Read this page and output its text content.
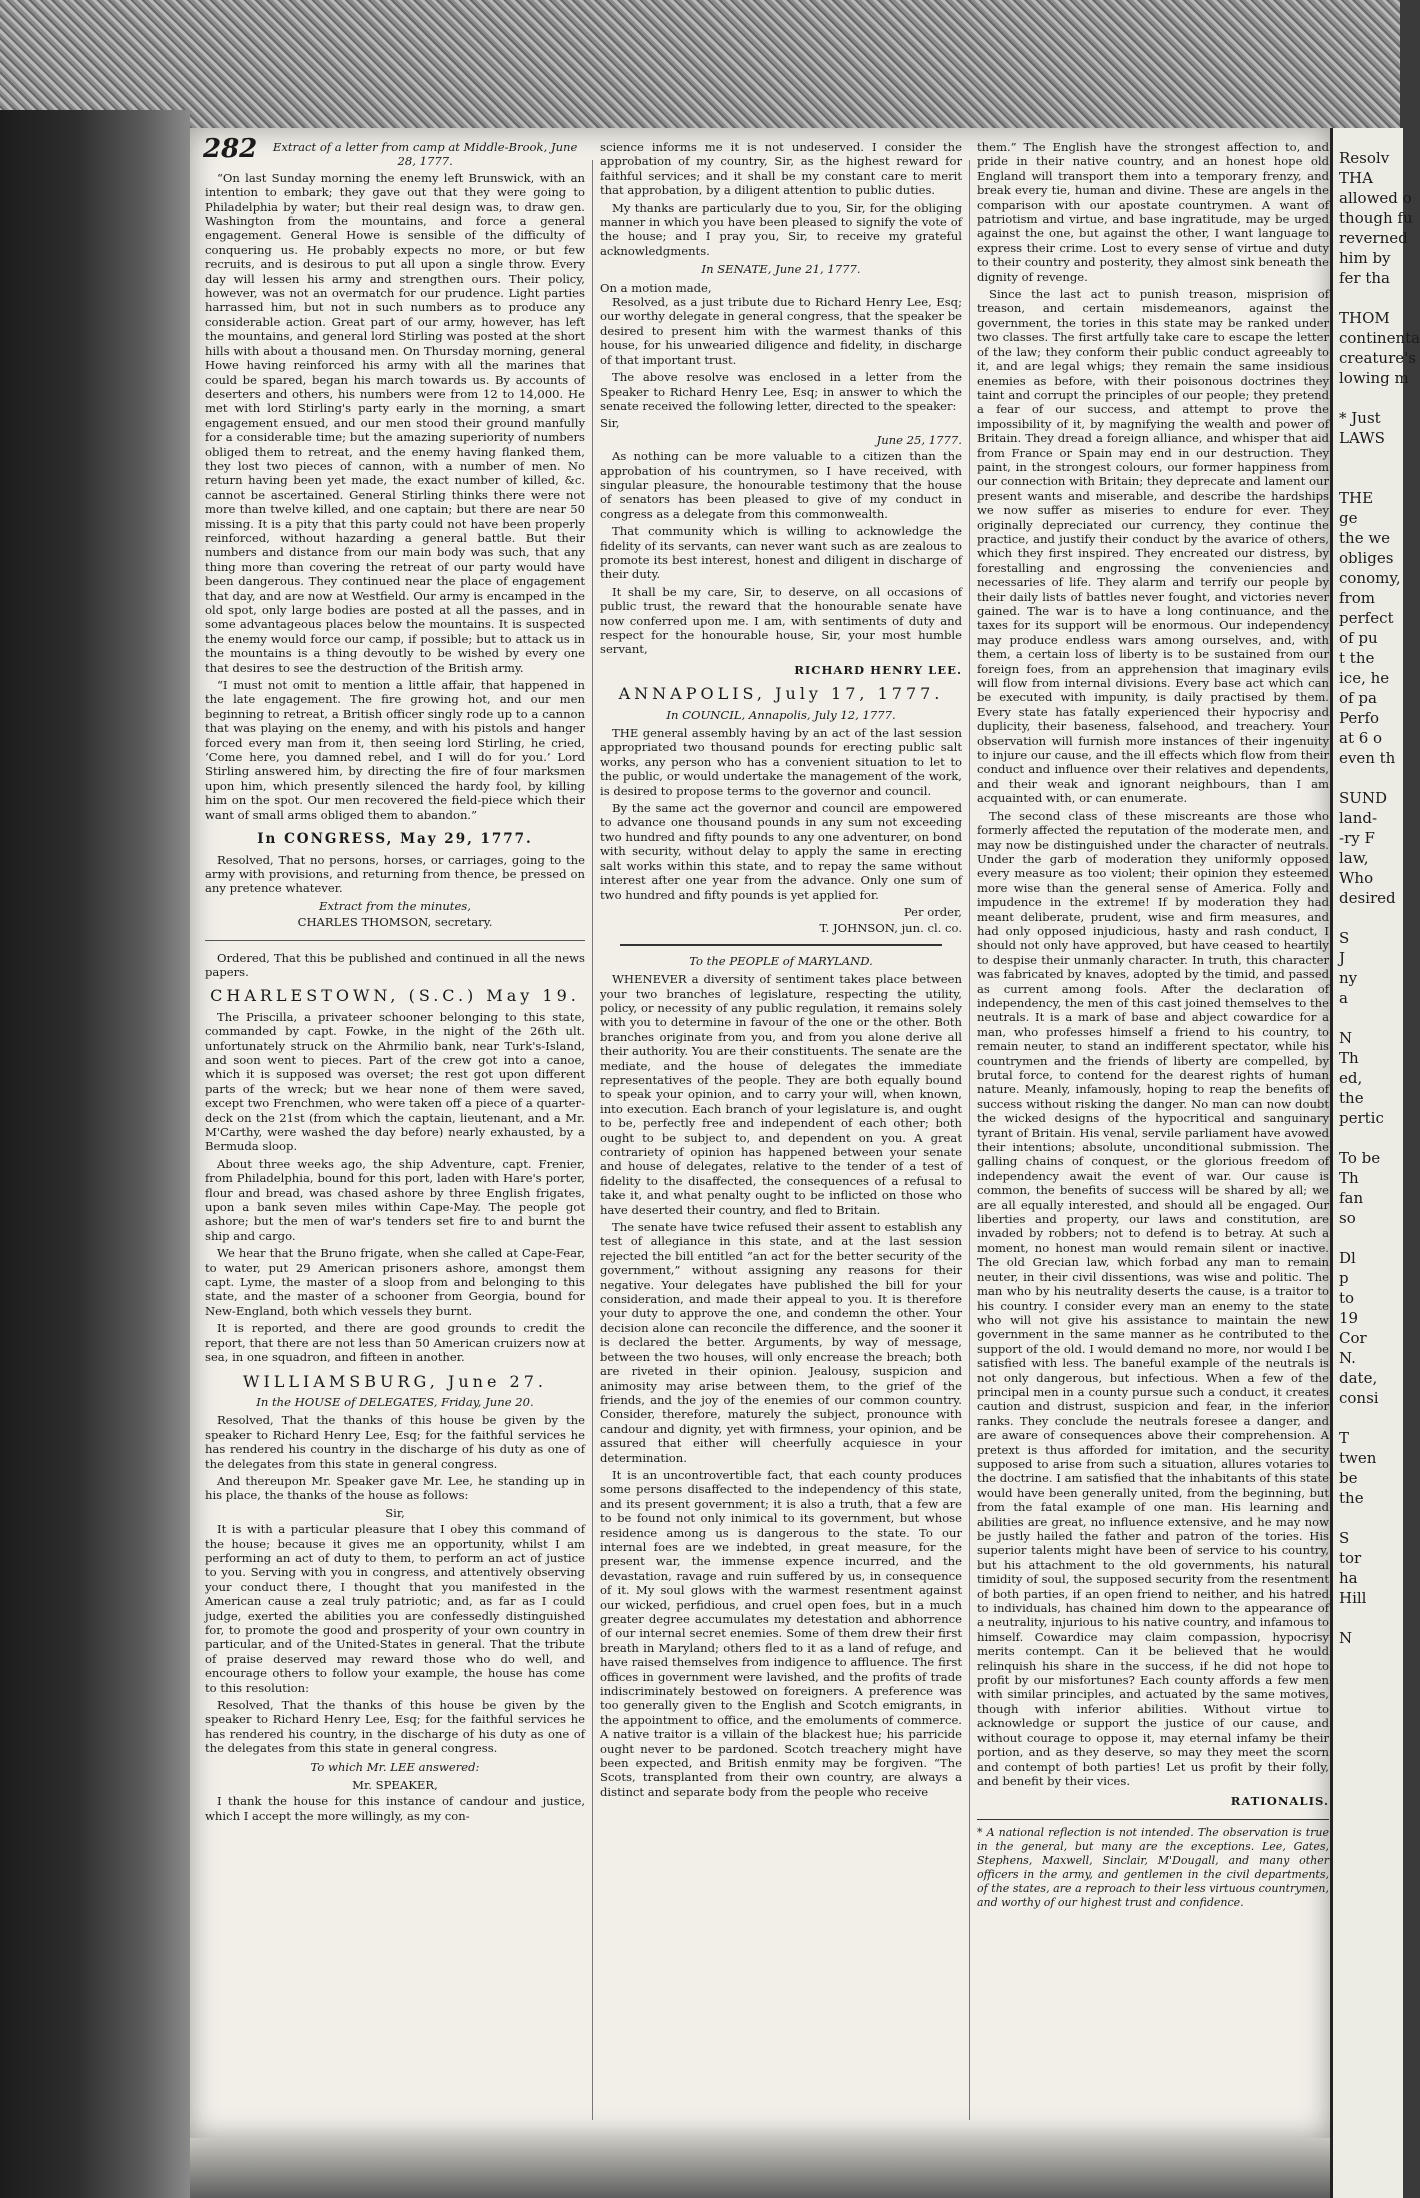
Resolv
THA
allowed o
though fu
reverned
him by
fer tha

THOM
continenta
creature's
lowing m

* Just
LAWS

THE
ge
the we
obliges
conomy,
from
perfect
of pu
t the
ice, he
of pa
Perfo
at 6 o
even th

SUND
land-
-ry F
law,
Who
desired

S
J
ny
a

N
Th
ed,
the
pertic

To be
Th
fan
so

Dl
p
to
19
Cor
N.
date,
consi

T
twen
be
the

S
tor
ha
Hill

N
282 Extract of a letter from camp at Middle-Brook, June 28, 1777.

“On last Sunday morning the enemy left Brunswick, with an intention to embark; they gave out that they were going to Philadelphia by water; but their real design was, to draw gen. Washington from the mountains, and force a general engagement. General Howe is sensible of the difficulty of conquering us. He probably expects no more, or but few recruits, and is desirous to put all upon a single throw. Every day will lessen his army and strengthen ours. Their policy, however, was not an overmatch for our prudence. Light parties harrassed him, but not in such numbers as to produce any considerable action. Great part of our army, however, has left the mountains, and general lord Stirling was posted at the short hills with about a thousand men. On Thursday morning, general Howe having reinforced his army with all the marines that could be spared, began his march towards us. By accounts of deserters and others, his numbers were from 12 to 14,000. He met with lord Stirling's party early in the morning, a smart engagement ensued, and our men stood their ground manfully for a considerable time; but the amazing superiority of numbers obliged them to retreat, and the enemy having flanked them, they lost two pieces of cannon, with a number of men. No return having been yet made, the exact number of killed, &c. cannot be ascertained. General Stirling thinks there were not more than twelve killed, and one captain; but there are near 50 missing. It is a pity that this party could not have been properly reinforced, without hazarding a general battle. But their numbers and distance from our main body was such, that any thing more than covering the retreat of our party would have been dangerous. They continued near the place of engagement that day, and are now at Westfield. Our army is encamped in the old spot, only large bodies are posted at all the passes, and in some advantageous places below the mountains. It is suspected the enemy would force our camp, if possible; but to attack us in the mountains is a thing devoutly to be wished by every one that desires to see the destruction of the British army.

“I must not omit to mention a little affair, that happened in the late engagement. The fire growing hot, and our men beginning to retreat, a British officer singly rode up to a cannon that was playing on the enemy, and with his pistols and hanger forced every man from it, then seeing lord Stirling, he cried, ‘Come here, you damned rebel, and I will do for you.’ Lord Stirling answered him, by directing the fire of four marksmen upon him, which presently silenced the hardy fool, by killing him on the spot. Our men recovered the field-piece which their want of small arms obliged them to abandon.”

In CONGRESS, May 29, 1777.

Resolved, That no persons, horses, or carriages, going to the army with provisions, and returning from thence, be pressed on any pretence whatever.

Extract from the minutes,
CHARLES THOMSON, secretary.

Ordered, That this be published and continued in all the news papers.

CHARLESTOWN, (S.C.) May 19.

The Priscilla, a privateer schooner belonging to this state, commanded by capt. Fowke, in the night of the 26th ult. unfortunately struck on the Ahrmilio bank, near Turk's-Island, and soon went to pieces. Part of the crew got into a canoe, which it is supposed was overset; the rest got upon different parts of the wreck; but we hear none of them were saved, except two Frenchmen, who were taken off a piece of a quarter-deck on the 21st (from which the captain, lieutenant, and a Mr. M'Carthy, were washed the day before) nearly exhausted, by a Bermuda sloop.

About three weeks ago, the ship Adventure, capt. Frenier, from Philadelphia, bound for this port, laden with Hare's porter, flour and bread, was chased ashore by three English frigates, upon a bank seven miles within Cape-May. The people got ashore; but the men of war's tenders set fire to and burnt the ship and cargo.

We hear that the Bruno frigate, when she called at Cape-Fear, to water, put 29 American prisoners ashore, amongst them capt. Lyme, the master of a sloop from and belonging to this state, and the master of a schooner from Georgia, bound for New-England, both which vessels they burnt.

It is reported, and there are good grounds to credit the report, that there are not less than 50 American cruizers now at sea, in one squadron, and fifteen in another.

WILLIAMSBURG, June 27.
In the HOUSE of DELEGATES, Friday, June 20.

Resolved, That the thanks of this house be given by the speaker to Richard Henry Lee, Esq; for the faithful services he has rendered his country in the discharge of his duty as one of the delegates from this state in general congress.

And thereupon Mr. Speaker gave Mr. Lee, he standing up in his place, the thanks of the house as follows:

Sir,

It is with a particular pleasure that I obey this command of the house; because it gives me an opportunity, whilst I am performing an act of duty to them, to perform an act of justice to you. Serving with you in congress, and attentively observing your conduct there, I thought that you manifested in the American cause a zeal truly patriotic; and, as far as I could judge, exerted the abilities you are confessedly distinguished for, to promote the good and prosperity of your own country in particular, and of the United-States in general. That the tribute of praise deserved may reward those who do well, and encourage others to follow your example, the house has come to this resolution:

Resolved, That the thanks of this house be given by the speaker to Richard Henry Lee, Esq; for the faithful services he has rendered his country, in the discharge of his duty as one of the delegates from this state in general congress.

To which Mr. LEE answered:
Mr. SPEAKER,

I thank the house for this instance of candour and justice, which I accept the more willingly, as my con-

science informs me it is not undeserved. I consider the approbation of my country, Sir, as the highest reward for faithful services; and it shall be my constant care to merit that approbation, by a diligent attention to public duties.

My thanks are particularly due to you, Sir, for the obliging manner in which you have been pleased to signify the vote of the house; and I pray you, Sir, to receive my grateful acknowledgments.

In SENATE, June 21, 1777.
On a motion made,

Resolved, as a just tribute due to Richard Henry Lee, Esq; our worthy delegate in general congress, that the speaker be desired to present him with the warmest thanks of this house, for his unwearied diligence and fidelity, in discharge of that important trust.

The above resolve was enclosed in a letter from the Speaker to Richard Henry Lee, Esq; in answer to which the senate received the following letter, directed to the speaker:

Sir,
June 25, 1777.

As nothing can be more valuable to a citizen than the approbation of his countrymen, so I have received, with singular pleasure, the honourable testimony that the house of senators has been pleased to give of my conduct in congress as a delegate from this commonwealth.

That community which is willing to acknowledge the fidelity of its servants, can never want such as are zealous to promote its best interest, honest and diligent in discharge of their duty.

It shall be my care, Sir, to deserve, on all occasions of public trust, the reward that the honourable senate have now conferred upon me. I am, with sentiments of duty and respect for the honourable house, Sir, your most humble servant,

RICHARD HENRY LEE.
ANNAPOLIS, July 17, 1777.
In COUNCIL, Annapolis, July 12, 1777.

THE general assembly having by an act of the last session appropriated two thousand pounds for erecting public salt works, any person who has a convenient situation to let to the public, or would undertake the management of the work, is desired to propose terms to the governor and council.

By the same act the governor and council are empowered to advance one thousand pounds in any sum not exceeding two hundred and fifty pounds to any one adventurer, on bond with security, without delay to apply the same in erecting salt works within this state, and to repay the same without interest after one year from the advance. Only one sum of two hundred and fifty pounds is yet applied for.

Per order,
T. JOHNSON, jun. cl. co.
To the PEOPLE of MARYLAND.

WHENEVER a diversity of sentiment takes place between your two branches of legislature, respecting the utility, policy, or necessity of any public regulation, it remains solely with you to determine in favour of the one or the other. Both branches originate from you, and from you alone derive all their authority. You are their constituents. The senate are the mediate, and the house of delegates the immediate representatives of the people. They are both equally bound to speak your opinion, and to carry your will, when known, into execution. Each branch of your legislature is, and ought to be, perfectly free and independent of each other; both ought to be subject to, and dependent on you. A great contrariety of opinion has happened between your senate and house of delegates, relative to the tender of a test of fidelity to the disaffected, the consequences of a refusal to take it, and what penalty ought to be inflicted on those who have deserted their country, and fled to Britain.

The senate have twice refused their assent to establish any test of allegiance in this state, and at the last session rejected the bill entitled “an act for the better security of the government,” without assigning any reasons for their negative. Your delegates have published the bill for your consideration, and made their appeal to you. It is therefore your duty to approve the one, and condemn the other. Your decision alone can reconcile the difference, and the sooner it is declared the better. Arguments, by way of message, between the two houses, will only encrease the breach; both are riveted in their opinion. Jealousy, suspicion and animosity may arise between them, to the grief of the friends, and the joy of the enemies of our common country. Consider, therefore, maturely the subject, pronounce with candour and dignity, yet with firmness, your opinion, and be assured that either will cheerfully acquiesce in your determination.

It is an uncontrovertible fact, that each county produces some persons disaffected to the independency of this state, and its present government; it is also a truth, that a few are to be found not only inimical to its government, but whose residence among us is dangerous to the state. To our internal foes are we indebted, in great measure, for the present war, the immense expence incurred, and the devastation, ravage and ruin suffered by us, in consequence of it. My soul glows with the warmest resentment against our wicked, perfidious, and cruel open foes, but in a much greater degree accumulates my detestation and abhorrence of our internal secret enemies. Some of them drew their first breath in Maryland; others fled to it as a land of refuge, and have raised themselves from indigence to affluence. The first offices in government were lavished, and the profits of trade indiscriminately bestowed on foreigners. A preference was too generally given to the English and Scotch emigrants, in the appointment to office, and the emoluments of commerce. A native traitor is a villain of the blackest hue; his parricide ought never to be pardoned. Scotch treachery might have been expected, and British enmity may be forgiven. “The Scots, transplanted from their own country, are always a distinct and separate body from the people who receive

them.” The English have the strongest affection to, and pride in their native country, and an honest hope old England will transport them into a temporary frenzy, and break every tie, human and divine. These are angels in the comparison with our apostate countrymen. A want of patriotism and virtue, and base ingratitude, may be urged against the one, but against the other, I want language to express their crime. Lost to every sense of virtue and duty to their country and posterity, they almost sink beneath the dignity of revenge.

Since the last act to punish treason, misprision of treason, and certain misdemeanors, against the government, the tories in this state may be ranked under two classes. The first artfully take care to escape the letter of the law; they conform their public conduct agreeably to it, and are legal whigs; they remain the same insidious enemies as before, with their poisonous doctrines they taint and corrupt the principles of our people; they pretend a fear of our success, and attempt to prove the impossibility of it, by magnifying the wealth and power of Britain. They dread a foreign alliance, and whisper that aid from France or Spain may end in our destruction. They paint, in the strongest colours, our former happiness from our connection with Britain; they deprecate and lament our present wants and miserable, and describe the hardships we now suffer as miseries to endure for ever. They originally depreciated our currency, they continue the practice, and justify their conduct by the avarice of others, which they first inspired. They encreated our distress, by forestalling and engrossing the conveniencies and necessaries of life. They alarm and terrify our people by their daily lists of battles never fought, and victories never gained. The war is to have a long continuance, and the taxes for its support will be enormous. Our independency may produce endless wars among ourselves, and, with them, a certain loss of liberty is to be sustained from our foreign foes, from an apprehension that imaginary evils will flow from internal divisions. Every base act which can be executed with impunity, is daily practised by them. Every state has fatally experienced their hypocrisy and duplicity, their baseness, falsehood, and treachery. Your observation will furnish more instances of their ingenuity to injure our cause, and the ill effects which flow from their conduct and influence over their relatives and dependents, and their weak and ignorant neighbours, than I am acquainted with, or can enumerate.

The second class of these miscreants are those who formerly affected the reputation of the moderate men, and may now be distinguished under the character of neutrals. Under the garb of moderation they uniformly opposed every measure as too violent; their opinion they esteemed more wise than the general sense of America. Folly and impudence in the extreme! If by moderation they had meant deliberate, prudent, wise and firm measures, and had only opposed injudicious, hasty and rash conduct, I should not only have approved, but have ceased to heartily to despise their unmanly character. In truth, this character was fabricated by knaves, adopted by the timid, and passed as current among fools. After the declaration of independency, the men of this cast joined themselves to the neutrals. It is a mark of base and abject cowardice for a man, who professes himself a friend to his country, to remain neuter, to stand an indifferent spectator, while his countrymen and the friends of liberty are compelled, by brutal force, to contend for the dearest rights of human nature. Meanly, infamously, hoping to reap the benefits of success without risking the danger. No man can now doubt the wicked designs of the hypocritical and sanguinary tyrant of Britain. His venal, servile parliament have avowed their intentions; absolute, unconditional submission. The galling chains of conquest, or the glorious freedom of independency await the event of war. Our cause is common, the benefits of success will be shared by all; we are all equally interested, and should all be engaged. Our liberties and property, our laws and constitution, are invaded by robbers; not to defend is to betray. At such a moment, no honest man would remain silent or inactive. The old Grecian law, which forbad any man to remain neuter, in their civil dissentions, was wise and politic. The man who by his neutrality deserts the cause, is a traitor to his country. I consider every man an enemy to the state who will not give his assistance to maintain the new government in the same manner as he contributed to the support of the old. I would demand no more, nor would I be satisfied with less. The baneful example of the neutrals is not only dangerous, but infectious. When a few of the principal men in a county pursue such a conduct, it creates caution and distrust, suspicion and fear, in the inferior ranks. They conclude the neutrals foresee a danger, and are aware of consequences above their comprehension. A pretext is thus afforded for imitation, and the security supposed to arise from such a situation, allures votaries to the doctrine. I am satisfied that the inhabitants of this state would have been generally united, from the beginning, but from the fatal example of one man. His learning and abilities are great, no influence extensive, and he may now be justly hailed the father and patron of the tories. His superior talents might have been of service to his country, but his attachment to the old governments, his natural timidity of soul, the supposed security from the resentment of both parties, if an open friend to neither, and his hatred to individuals, has chained him down to the appearance of a neutrality, injurious to his native country, and infamous to himself. Cowardice may claim compassion, hypocrisy merits contempt. Can it be believed that he would relinquish his share in the success, if he did not hope to profit by our misfortunes? Each county affords a few men with similar principles, and actuated by the same motives, though with inferior abilities. Without virtue to acknowledge or support the justice of our cause, and without courage to oppose it, may eternal infamy be their portion, and as they deserve, so may they meet the scorn and contempt of both parties! Let us profit by their folly, and benefit by their vices.

RATIONALIS.
* A national reflection is not intended. The observation is true in the general, but many are the exceptions. Lee, Gates, Stephens, Maxwell, Sinclair, M'Dougall, and many other officers in the army, and gentlemen in the civil departments, of the states, are a reproach to their less virtuous countrymen, and worthy of our highest trust and confidence.
